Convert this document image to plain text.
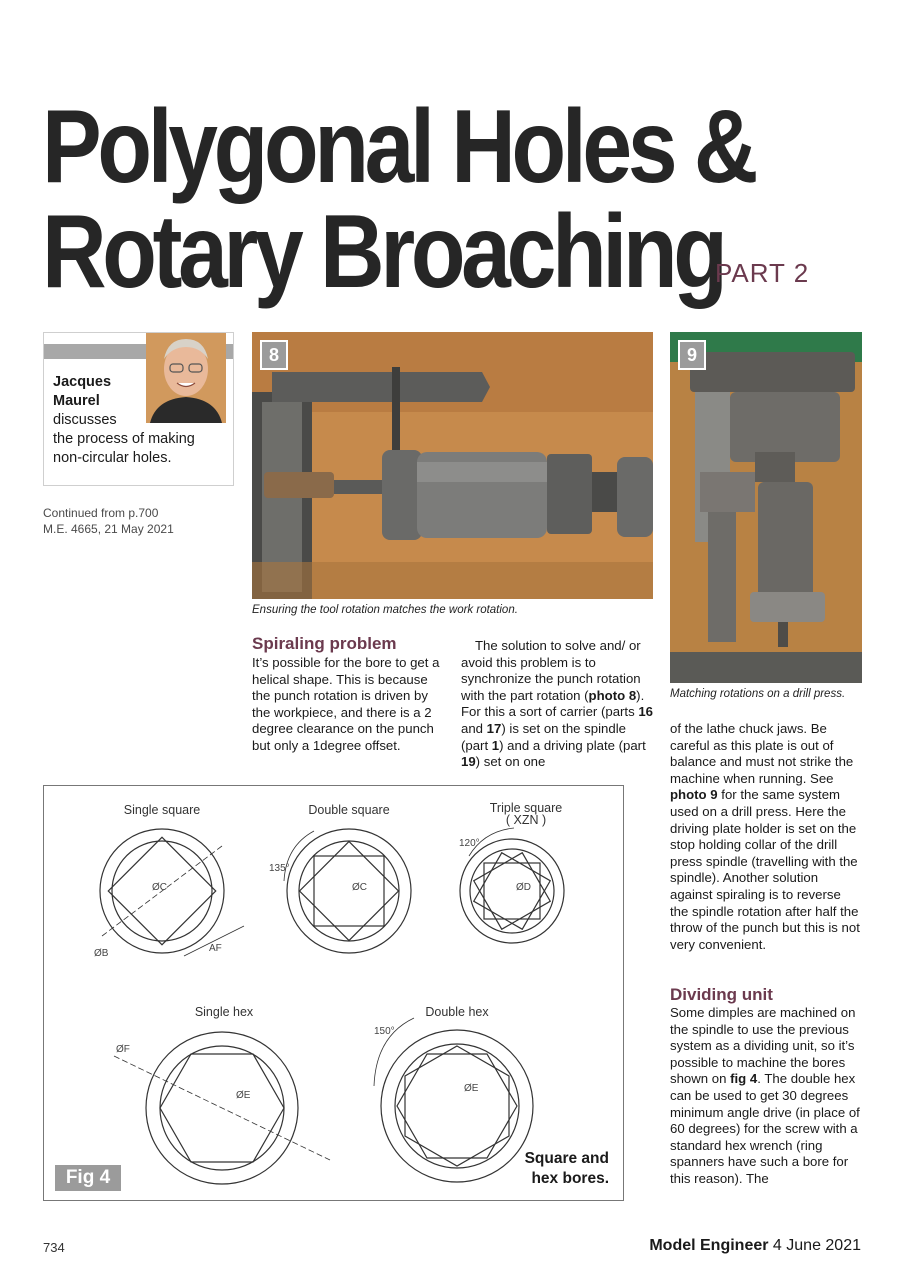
Polygonal Holes &
Rotary Broaching
PART 2
Jacques
Maurel
discusses
the process of making
non-circular holes.
Continued from p.700
M.E. 4665, 21 May 2021
8
Ensuring the tool rotation matches the work rotation.
9
Matching rotations on a drill press.
Spiraling problem

It’s possible for the bore to get a helical shape. This is because the punch rotation is driven by the workpiece, and there is a 2 degree clearance on the punch but only a 1degree offset.

The solution to solve and/ or avoid this problem is to synchronize the punch rotation with the part rotation (photo 8). For this a sort of carrier (parts 16 and 17) is set on the spindle (part 1) and a driving plate (part 19) set on one

of the lathe chuck jaws. Be careful as this plate is out of balance and must not strike the machine when running. See photo 9 for the same system used on a drill press. Here the driving plate holder is set on the stop holding collar of the drill press spindle (travelling with the spindle). Another solution against spiraling is to reverse the spindle rotation after half the throw of the punch but this is not very convenient.

Dividing unit

Some dimples are machined on the spindle to use the previous system as a dividing unit, so it’s possible to machine the bores shown on fig 4. The double hex can be used to get 30 degrees minimum angle drive (in place of 60 degrees) for the screw with a standard hex wrench (ring spanners have such a bore for this reason). The

Single square	Double square	Triple square
( XZN )
Single hex	Double hex
ØC
ØB	AF
ØC
135°
ØD
120°
ØF
ØE
ØE
150°
Fig 4
Square and
hex bores.
734	Model Engineer 4 June 2021
